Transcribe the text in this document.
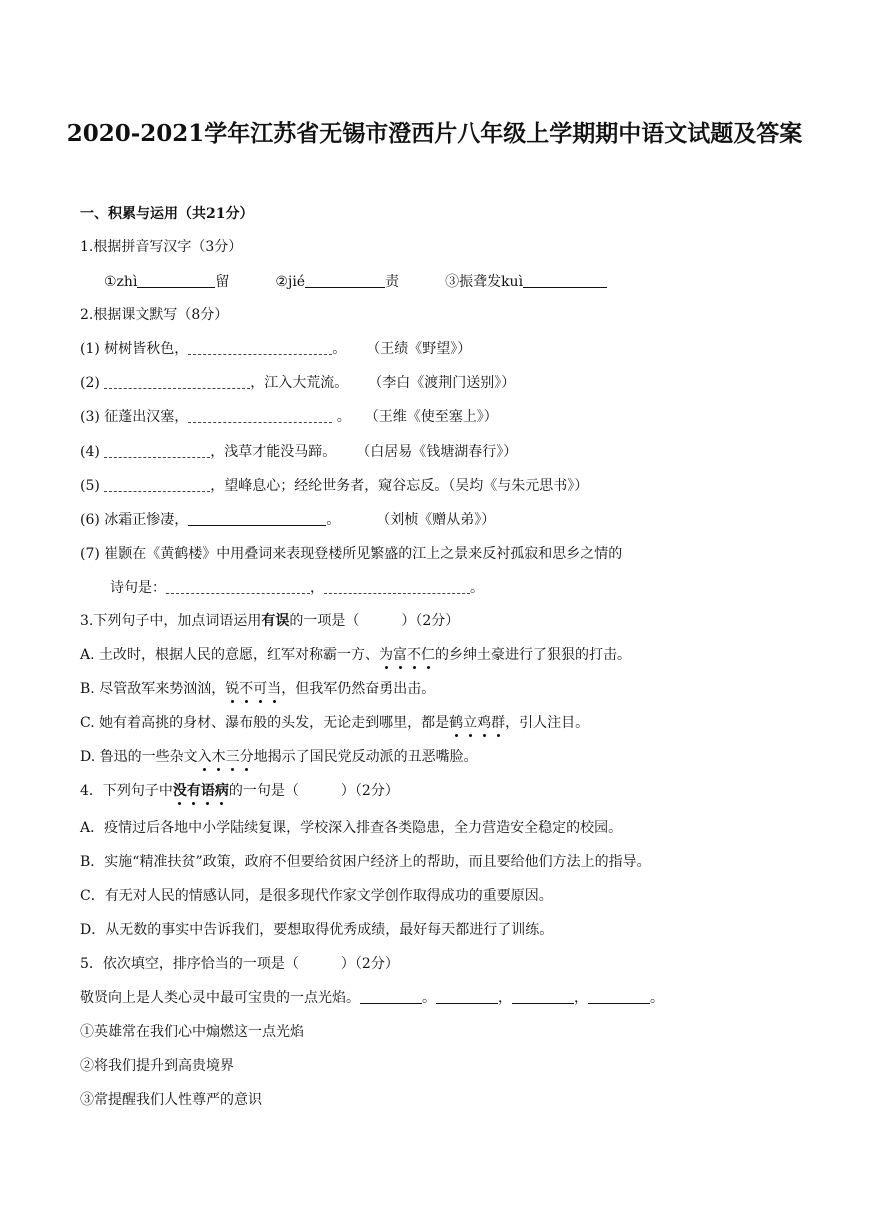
2020-2021学年江苏省无锡市澄西片八年级上学期期中语文试题及答案
一、积累与运用（共21分）
1.根据拼音写汉字（3分）
①zhì	留	②jié	责	③振聋发kuì
2.根据课文默写（8分）
(1) 树树皆秋色，	。 （王绩《野望》）
(2)	，江入大荒流。 （李白《渡荆门送别》）
(3) 征蓬出汉塞，	。 （王维《使至塞上》）
(4)	，浅草才能没马蹄。 （白居易《钱塘湖春行》）
(5)	，望峰息心；经纶世务者，窥谷忘反。（吴均《与朱元思书》）
(6) 冰霜正惨凄，	。	（刘桢《赠从弟》）
(7) 崔颢在《黄鹤楼》中用叠词来表现登楼所见繁盛的江上之景来反衬孤寂和思乡之情的
诗句是：	，	。
3.下列句子中，加点词语运用有误的一项是（　　　）（2分）
A. 土改时，根据人民的意愿，红军对称霸一方、为富不仁的乡绅土豪进行了狠狠的打击。
B. 尽管敌军来势汹汹，锐不可当，但我军仍然奋勇出击。
C. 她有着高挑的身材、瀑布般的头发，无论走到哪里，都是鹤立鸡群，引人注目。
D. 鲁迅的一些杂文入木三分地揭示了国民党反动派的丑恶嘴脸。
4．下列句子中没有语病的一句是（　　　）（2分）
A．疫情过后各地中小学陆续复课，学校深入排查各类隐患，全力营造安全稳定的校园。
B．实施“精准扶贫”政策，政府不但要给贫困户经济上的帮助，而且要给他们方法上的指导。
C．有无对人民的情感认同，是很多现代作家文学创作取得成功的重要原因。
D．从无数的事实中告诉我们，要想取得优秀成绩，最好每天都进行了训练。
5．依次填空，排序恰当的一项是（　　　）（2分）
敬贤向上是人类心灵中最可宝贵的一点光焰。	。	，	，	。
①英雄常在我们心中煽燃这一点光焰
②将我们提升到高贵境界
③常提醒我们人性尊严的意识
